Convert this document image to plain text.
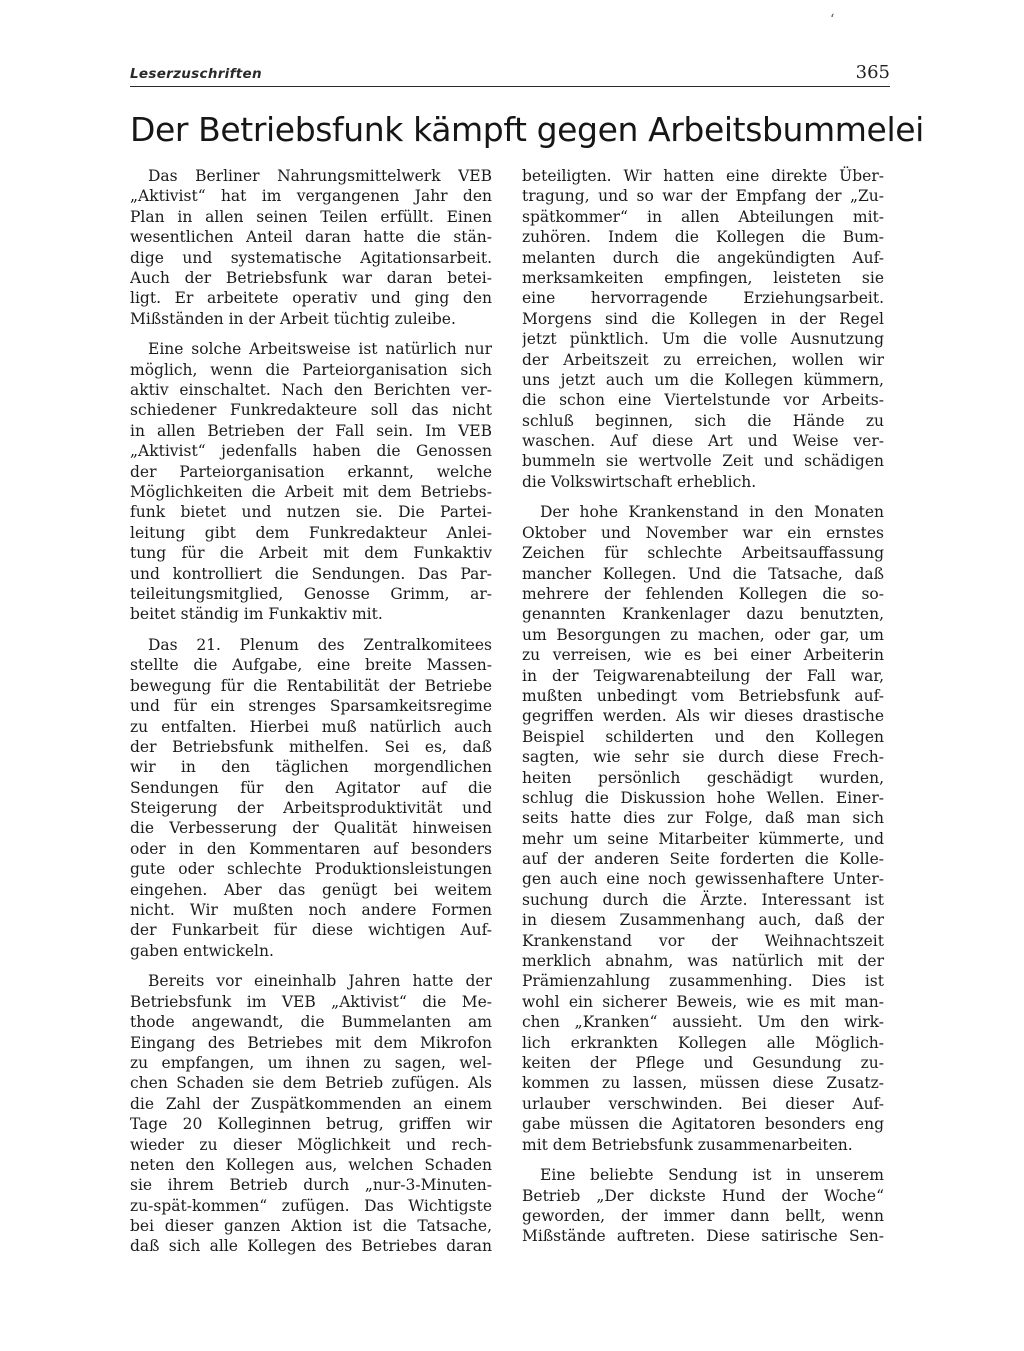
‘
Leserzuschriften	365
Der Betriebsfunk kämpft gegen Arbeitsbummelei
Das Berliner Nahrungsmittelwerk VEB
„Aktivist“ hat im vergangenen Jahr den
Plan in allen seinen Teilen erfüllt. Einen
wesentlichen Anteil daran hatte die stän-
dige und systematische Agitationsarbeit.
Auch der Betriebsfunk war daran betei-
ligt. Er arbeitete operativ und ging den
Mißständen in der Arbeit tüchtig zuleibe.
Eine solche Arbeitsweise ist natürlich nur
möglich, wenn die Parteiorganisation sich
aktiv einschaltet. Nach den Berichten ver-
schiedener Funkredakteure soll das nicht
in allen Betrieben der Fall sein. Im VEB
„Aktivist“ jedenfalls haben die Genossen
der Parteiorganisation erkannt, welche
Möglichkeiten die Arbeit mit dem Betriebs-
funk bietet und nutzen sie. Die Partei-
leitung gibt dem Funkredakteur Anlei-
tung für die Arbeit mit dem Funkaktiv
und kontrolliert die Sendungen. Das Par-
teileitungsmitglied, Genosse Grimm, ar-
beitet ständig im Funkaktiv mit.
Das 21. Plenum des Zentralkomitees
stellte die Aufgabe, eine breite Massen-
bewegung für die Rentabilität der Betriebe
und für ein strenges Sparsamkeitsregime
zu entfalten. Hierbei muß natürlich auch
der Betriebsfunk mithelfen. Sei es, daß
wir in den täglichen morgendlichen
Sendungen für den Agitator auf die
Steigerung der Arbeitsproduktivität und
die Verbesserung der Qualität hinweisen
oder in den Kommentaren auf besonders
gute oder schlechte Produktionsleistungen
eingehen. Aber das genügt bei weitem
nicht. Wir mußten noch andere Formen
der Funkarbeit für diese wichtigen Auf-
gaben entwickeln.
Bereits vor eineinhalb Jahren hatte der
Betriebsfunk im VEB „Aktivist“ die Me-
thode angewandt, die Bummelanten am
Eingang des Betriebes mit dem Mikrofon
zu empfangen, um ihnen zu sagen, wel-
chen Schaden sie dem Betrieb zufügen. Als
die Zahl der Zuspätkommenden an einem
Tage 20 Kolleginnen betrug, griffen wir
wieder zu dieser Möglichkeit und rech-
neten den Kollegen aus, welchen Schaden
sie ihrem Betrieb durch „nur-3-Minuten-
zu-spät-kommen“ zufügen. Das Wichtigste
bei dieser ganzen Aktion ist die Tatsache,
daß sich alle Kollegen des Betriebes daran
beteiligten. Wir hatten eine direkte Über-
tragung, und so war der Empfang der „Zu-
spätkommer“ in allen Abteilungen mit-
zuhören. Indem die Kollegen die Bum-
melanten durch die angekündigten Auf-
merksamkeiten empfingen, leisteten sie
eine hervorragende Erziehungsarbeit.
Morgens sind die Kollegen in der Regel
jetzt pünktlich. Um die volle Ausnutzung
der Arbeitszeit zu erreichen, wollen wir
uns jetzt auch um die Kollegen kümmern,
die schon eine Viertelstunde vor Arbeits-
schluß beginnen, sich die Hände zu
waschen. Auf diese Art und Weise ver-
bummeln sie wertvolle Zeit und schädigen
die Volkswirtschaft erheblich.
Der hohe Krankenstand in den Monaten
Oktober und November war ein ernstes
Zeichen für schlechte Arbeitsauffassung
mancher Kollegen. Und die Tatsache, daß
mehrere der fehlenden Kollegen die so-
genannten Krankenlager dazu benutzten,
um Besorgungen zu machen, oder gar, um
zu verreisen, wie es bei einer Arbeiterin
in der Teigwarenabteilung der Fall war,
mußten unbedingt vom Betriebsfunk auf-
gegriffen werden. Als wir dieses drastische
Beispiel schilderten und den Kollegen
sagten, wie sehr sie durch diese Frech-
heiten persönlich geschädigt wurden,
schlug die Diskussion hohe Wellen. Einer-
seits hatte dies zur Folge, daß man sich
mehr um seine Mitarbeiter kümmerte, und
auf der anderen Seite forderten die Kolle-
gen auch eine noch gewissenhaftere Unter-
suchung durch die Ärzte. Interessant ist
in diesem Zusammenhang auch, daß der
Krankenstand vor der Weihnachtszeit
merklich abnahm, was natürlich mit der
Prämienzahlung zusammenhing. Dies ist
wohl ein sicherer Beweis, wie es mit man-
chen „Kranken“ aussieht. Um den wirk-
lich erkrankten Kollegen alle Möglich-
keiten der Pflege und Gesundung zu-
kommen zu lassen, müssen diese Zusatz-
urlauber verschwinden. Bei dieser Auf-
gabe müssen die Agitatoren besonders eng
mit dem Betriebsfunk zusammenarbeiten.
Eine beliebte Sendung ist in unserem
Betrieb „Der dickste Hund der Woche“
geworden, der immer dann bellt, wenn
Mißstände auftreten. Diese satirische Sen-
